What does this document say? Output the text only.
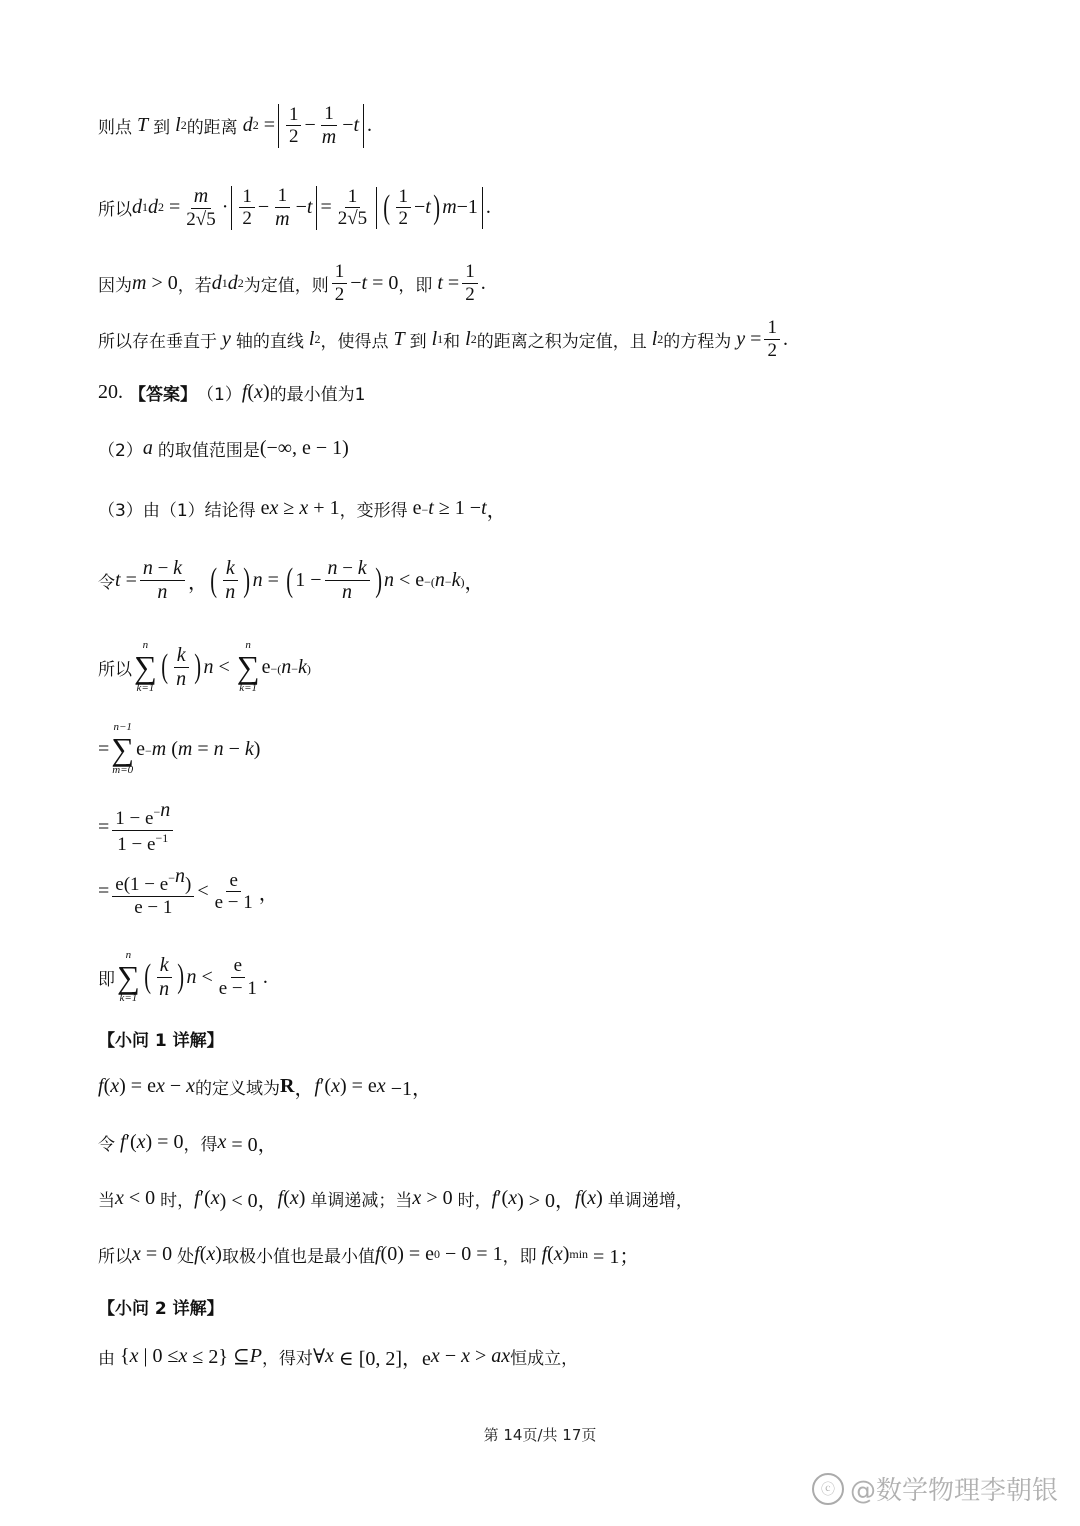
则点 T 到 l 2 的距离 d $2 = \frac{1}{2} - \frac{1}{m} - t$ .
所以 d 1 d $2 = \frac{m}{2√5} \cdot \frac{1}{2} - \frac{1}{m} - t = \frac{1}{2√5}$ ( $\frac{1}{2} - t$ ) m −1 .
因为 m > 0 ，若 d 1 d 2 为定值，则 $\frac{1}{2} - t = 0$ ，即 $t = \frac{1}{2}$ .
所以存在垂直于 y 轴的直线 l 2 ，使得点 T 到 l 1 和 l 2 的距离之积为定值，且 l 2 的方程为 $y = \frac{1}{2}$ .
20. 【答案】 （1） f ( x ) 的最小值为1
（2） a 的取值范围是 (−∞, e − 1)
（3）由（1）结论得 e x ≥ x + 1 ，变形得 e −t ≥ 1 − t ，
令 $t = \frac{n - k}{n}$ ， ( $\frac{k}{n}$ ) n = ( $1 - \frac{n - k}{n}$ ) n < e −(n−k) ，
所以
n
∑
k=1
( $\frac{k}{n}$ ) n <
n
∑
k=1
e −(n−k)
=
n−1
∑
m=0
e −m ( m = n − k )
= $\frac{1 - e^{-n}}{1 - e^{-1}}$
= $\frac{e(1 - e^{-n})}{e - 1} < \frac{e}{e - 1}$ ，
即
n
∑
k=1
( $\frac{k}{n}$ ) $n < \frac{e}{e - 1}$ .
【小问 1 详解】
f ( x ) = e x − x 的定义域为 R ， f ′( x ) = e x −1，
令 f ′( x ) = 0 ，得 x = 0，
当 x < 0 时， f ′( x ) < 0， f ( x ) 单调递减；当 x > 0 时， f ′( x ) > 0， f ( x ) 单调递增，
所以 x = 0 处 f ( x ) 取极小值也是最小值 f (0) = e 0 − 0 = 1 ，即 f ( x ) min = 1；
【小问 2 详解】
由 { x | 0 ≤ x ≤ 2} ⊆ P ，得对 ∀ x ∈ [0, 2]，e x − x > ax 恒成立，
第 14页/共 17页
ⓒ @数学物理李朝银
